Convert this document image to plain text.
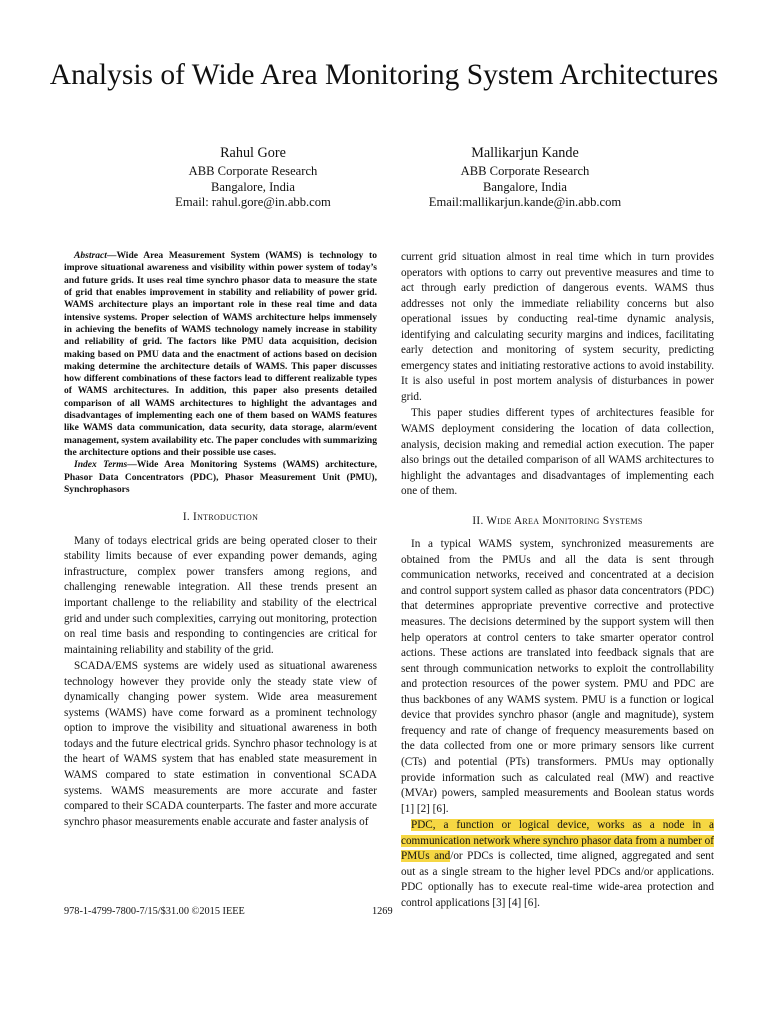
Analysis of Wide Area Monitoring System Architectures
Rahul Gore
ABB Corporate Research
Bangalore, India
Email: rahul.gore@in.abb.com
Mallikarjun Kande
ABB Corporate Research
Bangalore, India
Email:mallikarjun.kande@in.abb.com

Abstract—Wide Area Measurement System (WAMS) is technology to improve situational awareness and visibility within power system of today’s and future grids. It uses real time synchro phasor data to measure the state of grid that enables improvement in stability and reliability of power grid. WAMS architecture plays an important role in these real time and data intensive systems. Proper selection of WAMS architecture helps immensely in achieving the benefits of WAMS technology namely increase in stability and reliability of grid. The factors like PMU data acquisition, decision making based on PMU data and the enactment of actions based on decision making determine the architecture details of WAMS. This paper discusses how different combinations of these factors lead to different realizable types of WAMS architectures. In addition, this paper also presents detailed comparison of all WAMS architectures to highlight the advantages and disadvantages of implementing each one of them based on WAMS features like WAMS data communication, data security, data storage, alarm/event management, system availability etc. The paper concludes with summarizing the architecture options and their possible use cases.

Index Terms—Wide Area Monitoring Systems (WAMS) architecture, Phasor Data Concentrators (PDC), Phasor Measurement Unit (PMU), Synchrophasors

I. Introduction

Many of todays electrical grids are being operated closer to their stability limits because of ever expanding power demands, aging infrastructure, complex power transfers among regions, and challenging renewable integration. All these trends present an important challenge to the reliability and stability of the electrical grid and under such complexities, carrying out monitoring, protection on real time basis and responding to contingencies are critical for maintaining reliability and stability of the grid.

SCADA/EMS systems are widely used as situational awareness technology however they provide only the steady state view of dynamically changing power system. Wide area measurement systems (WAMS) have come forward as a prominent technology option to improve the visibility and situational awareness in both todays and the future electrical grids. Synchro phasor technology is at the heart of WAMS system that has enabled state measurement in WAMS compared to state estimation in conventional SCADA systems. WAMS measurements are more accurate and faster compared to their SCADA counterparts. The faster and more accurate synchro phasor measurements enable accurate and faster analysis of

current grid situation almost in real time which in turn provides operators with options to carry out preventive measures and time to act through early prediction of dangerous events. WAMS thus addresses not only the immediate reliability concerns but also operational issues by conducting real-time dynamic analysis, identifying and calculating security margins and indices, facilitating early detection and monitoring of system security, predicting emergency states and initiating restorative actions to avoid instability. It is also useful in post mortem analysis of disturbances in power grid.

This paper studies different types of architectures feasible for WAMS deployment considering the location of data collection, analysis, decision making and remedial action execution. The paper also brings out the detailed comparison of all WAMS architectures to highlight the advantages and disadvantages of implementing each one of them.

II. Wide Area Monitoring Systems

In a typical WAMS system, synchronized measurements are obtained from the PMUs and all the data is sent through communication networks, received and concentrated at a decision and control support system called as phasor data concentrators (PDC) that determines appropriate preventive corrective and protective measures. The decisions determined by the support system will then help operators at control centers to take smarter operator control actions. These actions are translated into feedback signals that are sent through communication networks to exploit the controllability and protection resources of the power system. PMU and PDC are thus backbones of any WAMS system. PMU is a function or logical device that provides synchro phasor (angle and magnitude), system frequency and rate of change of frequency measurements based on the data collected from one or more primary sensors like current (CTs) and potential (PTs) transformers. PMUs may optionally provide information such as calculated real (MW) and reactive (MVAr) powers, sampled measurements and Boolean status words [1] [2] [6].

PDC, a function or logical device, works as a node in a communication network where synchro phasor data from a number of PMUs and/or PDCs is collected, time aligned, aggregated and sent out as a single stream to the higher level PDCs and/or applications. PDC optionally has to execute real-time wide-area protection and control applications [3] [4] [6].

978-1-4799-7800-7/15/$31.00 ©2015 IEEE	1269
